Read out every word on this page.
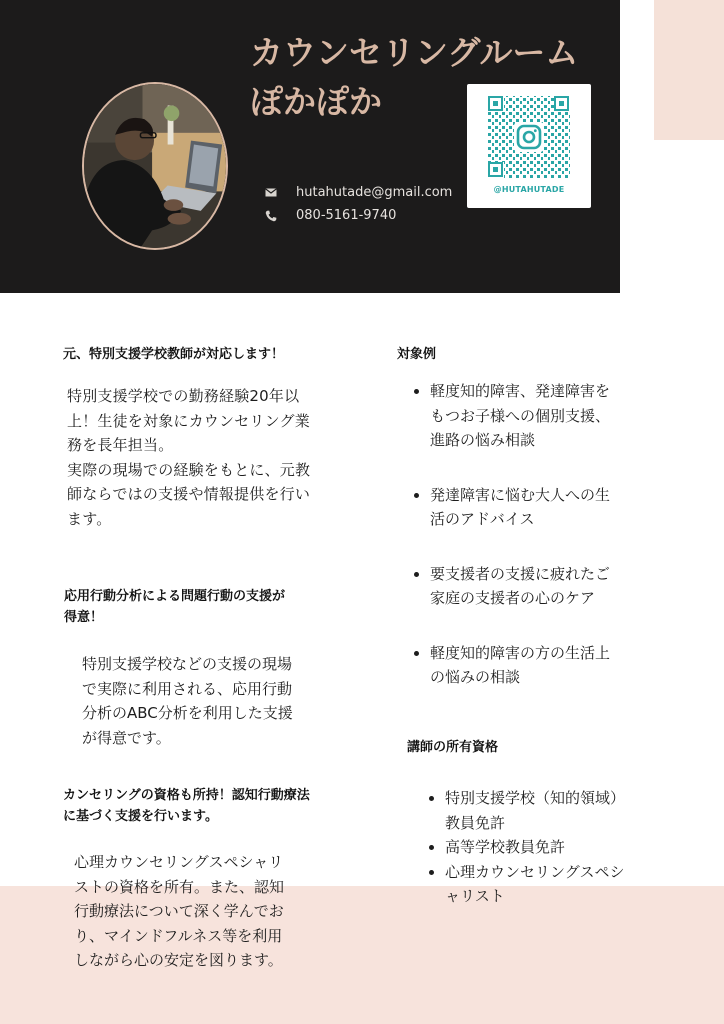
カウンセリングルーム
ぽかぽか
hutahutade@gmail.com
080-5161-9740
@HUTAHUTADE
元、特別支援学校教師が対応します！
特別支援学校での勤務経験20年以
上！生徒を対象にカウンセリング業
務を長年担当。
実際の現場での経験をもとに、元教
師ならではの支援や情報提供を行い
ます。
応用行動分析による問題行動の支援が
得意！
特別支援学校などの支援の現場
で実際に利用される、応用行動
分析のABC分析を利用した支援
が得意です。
カンセリングの資格も所持！認知行動療法
に基づく支援を行います。
心理カウンセリングスペシャリ
ストの資格を所有。また、認知
行動療法について深く学んでお
り、マインドフルネス等を利用
しながら心の安定を図ります。
対象例
軽度知的障害、発達障害を
もつお子様への個別支援、
進路の悩み相談
発達障害に悩む大人への生
活のアドバイス
要支援者の支援に疲れたご
家庭の支援者の心のケア
軽度知的障害の方の生活上
の悩みの相談
講師の所有資格
特別支援学校（知的領域）
教員免許
高等学校教員免許
心理カウンセリングスペシ
ャリスト
